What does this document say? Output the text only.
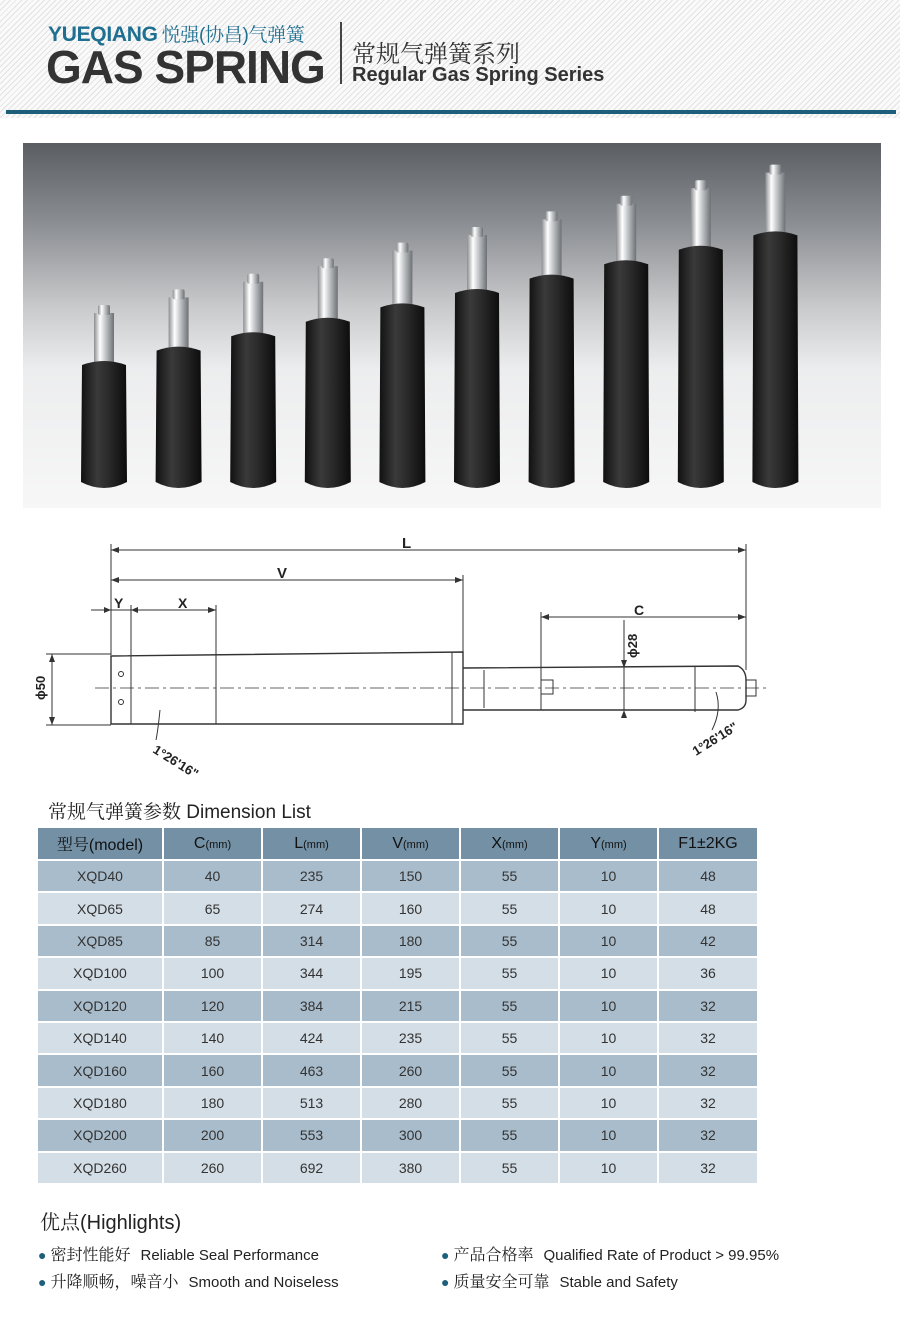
YUEQIANG 悦强(协昌)气弹簧
GAS SPRING 常规气弹簧系列
Regular Gas Spring Series
L
V
Y	X	C
ϕ50
ϕ28
1°26'16"
1°26'16"
常规气弹簧参数 Dimension List
型号(model)	C(mm)	L(mm)	V(mm)	X(mm)	Y(mm)	F1±2KG
XQD40	40	235	150	55	10	48
XQD65	65	274	160	55	10	48
XQD85	85	314	180	55	10	42
XQD100	100	344	195	55	10	36
XQD120	120	384	215	55	10	32
XQD140	140	424	235	55	10	32
XQD160	160	463	260	55	10	32
XQD180	180	513	280	55	10	32
XQD200	200	553	300	55	10	32
XQD260	260	692	380	55	10	32
优点(Highlights)
● 密封性能好 Reliable Seal Performance	● 产品合格率 Qualified Rate of Product > 99.95%
● 升降顺畅，噪音小 Smooth and Noiseless	● 质量安全可靠 Stable and Safety
